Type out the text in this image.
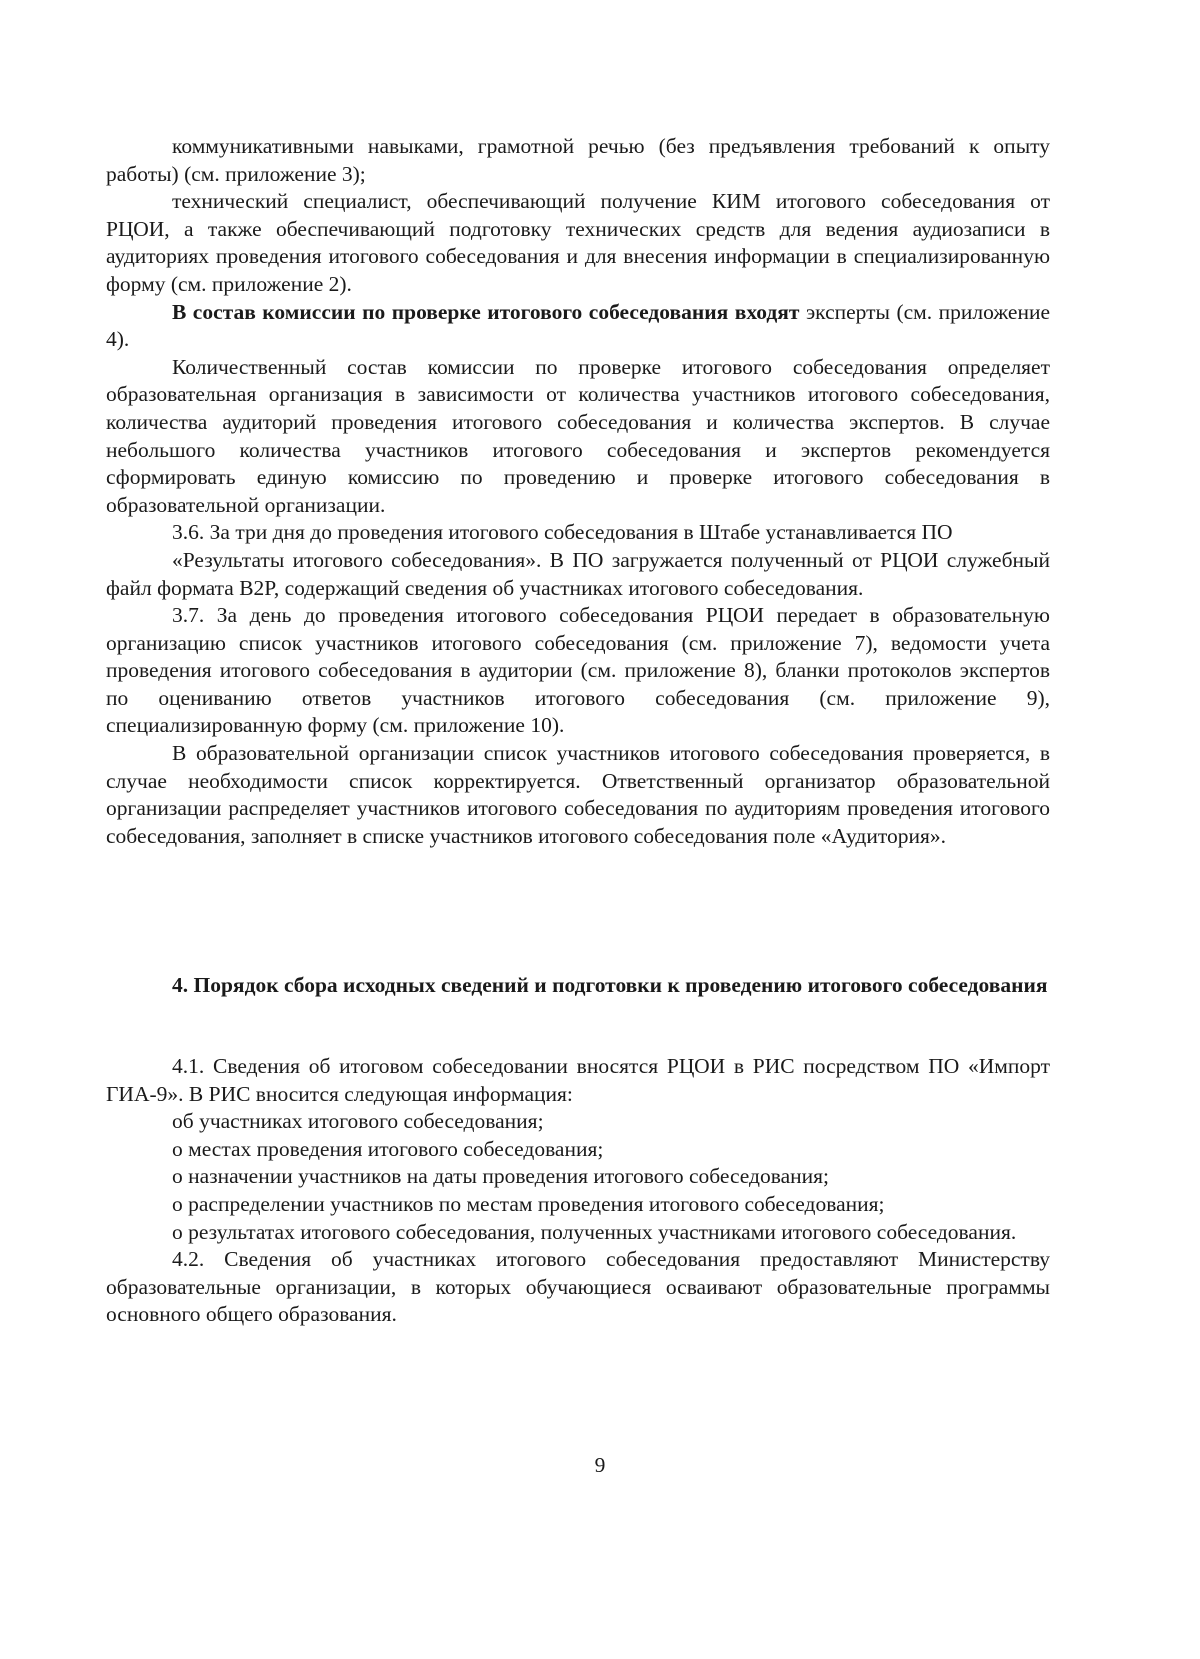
коммуникативными навыками, грамотной речью (без предъявления требований к опыту работы) (см. приложение 3);

технический специалист, обеспечивающий получение КИМ итогового собеседования от РЦОИ, а также обеспечивающий подготовку технических средств для ведения аудиозаписи в аудиториях проведения итогового собеседования и для внесения информации в специализированную форму (см. приложение 2).

В состав комиссии по проверке итогового собеседования входят эксперты (см. приложение 4).

Количественный состав комиссии по проверке итогового собеседования определяет образовательная организация в зависимости от количества участников итогового собеседования, количества аудиторий проведения итогового собеседования и количества экспертов. В случае небольшого количества участников итогового собеседования и экспертов рекомендуется сформировать единую комиссию по проведению и проверке итогового собеседования в образовательной организации.

3.6. За три дня до проведения итогового собеседования в Штабе устанавливается ПО

«Результаты итогового собеседования». В ПО загружается полученный от РЦОИ служебный файл формата B2P, содержащий сведения об участниках итогового собеседования.

3.7. За день до проведения итогового собеседования РЦОИ передает в образовательную организацию список участников итогового собеседования (см. приложение 7), ведомости учета проведения итогового собеседования в аудитории (см. приложение 8), бланки протоколов экспертов по оцениванию ответов участников итогового собеседования (см. приложение 9), специализированную форму (см. приложение 10).

В образовательной организации список участников итогового собеседования проверяется, в случае необходимости список корректируется. Ответственный организатор образовательной организации распределяет участников итогового собеседования по аудиториям проведения итогового собеседования, заполняет в списке участников итогового собеседования поле «Аудитория».

4. Порядок сбора исходных сведений и подготовки к проведению итогового собеседования

4.1. Сведения об итоговом собеседовании вносятся РЦОИ в РИС посредством ПО «Импорт ГИА-9». В РИС вносится следующая информация:

об участниках итогового собеседования;

о местах проведения итогового собеседования;

о назначении участников на даты проведения итогового собеседования;

о распределении участников по местам проведения итогового собеседования;

о результатах итогового собеседования, полученных участниками итогового собеседования.

4.2. Сведения об участниках итогового собеседования предоставляют Министерству образовательные организации, в которых обучающиеся осваивают образовательные программы основного общего образования.

9
